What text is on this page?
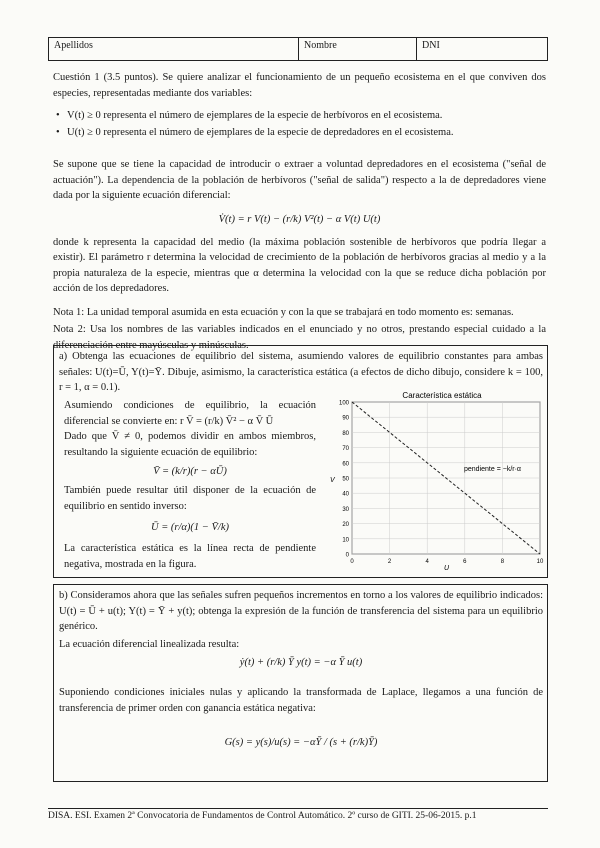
Apellidos	Nombre	DNI

Cuestión 1 (3.5 puntos). Se quiere analizar el funcionamiento de un pequeño ecosistema en el que conviven dos especies, representadas mediante dos variables:

• V(t) ≥ 0 representa el número de ejemplares de la especie de herbívoros en el ecosistema.
• U(t) ≥ 0 representa el número de ejemplares de la especie de depredadores en el ecosistema.

Se supone que se tiene la capacidad de introducir o extraer a voluntad depredadores en el ecosistema ("señal de actuación"). La dependencia de la población de herbívoros ("señal de salida") respecto a la de depredadores viene dada por la siguiente ecuación diferencial:

V̇(t) = r V(t) − (r/k) V²(t) − α V(t) U(t)

donde k representa la capacidad del medio (la máxima población sostenible de herbívoros que podría llegar a existir). El parámetro r determina la velocidad de crecimiento de la población de herbívoros gracias al medio y a la propia naturaleza de la especie, mientras que α determina la velocidad con la que se reduce dicha población por acción de los depredadores.

Nota 1: La unidad temporal asumida en esta ecuación y con la que se trabajará en todo momento es: semanas.

Nota 2: Usa los nombres de las variables indicados en el enunciado y no otros, prestando especial cuidado a la diferenciación entre mayúsculas y minúsculas.

a) Obtenga las ecuaciones de equilibrio del sistema, asumiendo valores de equilibrio constantes para ambas señales: U(t)=Ū, Y(t)=Ȳ. Dibuje, asimismo, la característica estática (a efectos de dicho dibujo, considere k = 100, r = 1, α = 0.1).

Asumiendo condiciones de equilibrio, la ecuación diferencial se convierte en: r V̄ = (r/k) V̄² − α V̄ Ū

Dado que V̄ ≠ 0, podemos dividir en ambos miembros, resultando la siguiente ecuación de equilibrio:

V̄ = (k/r)(r − αŪ)

También puede resultar útil disponer de la ecuación de equilibrio en sentido inverso:

Ū = (r/α)(1 − V̄/k)

La característica estática es la línea recta de pendiente negativa, mostrada en la figura.

Característica estática
0
10
20
30
40
50
60
70
80
90
100
0	2	4	6	8	10
pendiente = −k/r·α
U
V

b) Consideramos ahora que las señales sufren pequeños incrementos en torno a los valores de equilibrio indicados: U(t) = Ū + u(t); Y(t) = Ȳ + y(t); obtenga la expresión de la función de transferencia del sistema para un equilibrio genérico.

La ecuación diferencial linealizada resulta:

ẏ(t) + (r/k) Ȳ y(t) = −α Ȳ u(t)

Suponiendo condiciones iniciales nulas y aplicando la transformada de Laplace, llegamos a una función de transferencia de primer orden con ganancia estática negativa:

G(s) = y(s)/u(s) = −αȲ / (s + (r/k)Ȳ)

DISA. ESI. Examen 2ª Convocatoria de Fundamentos de Control Automático. 2º curso de GITI. 25-06-2015. p.1
